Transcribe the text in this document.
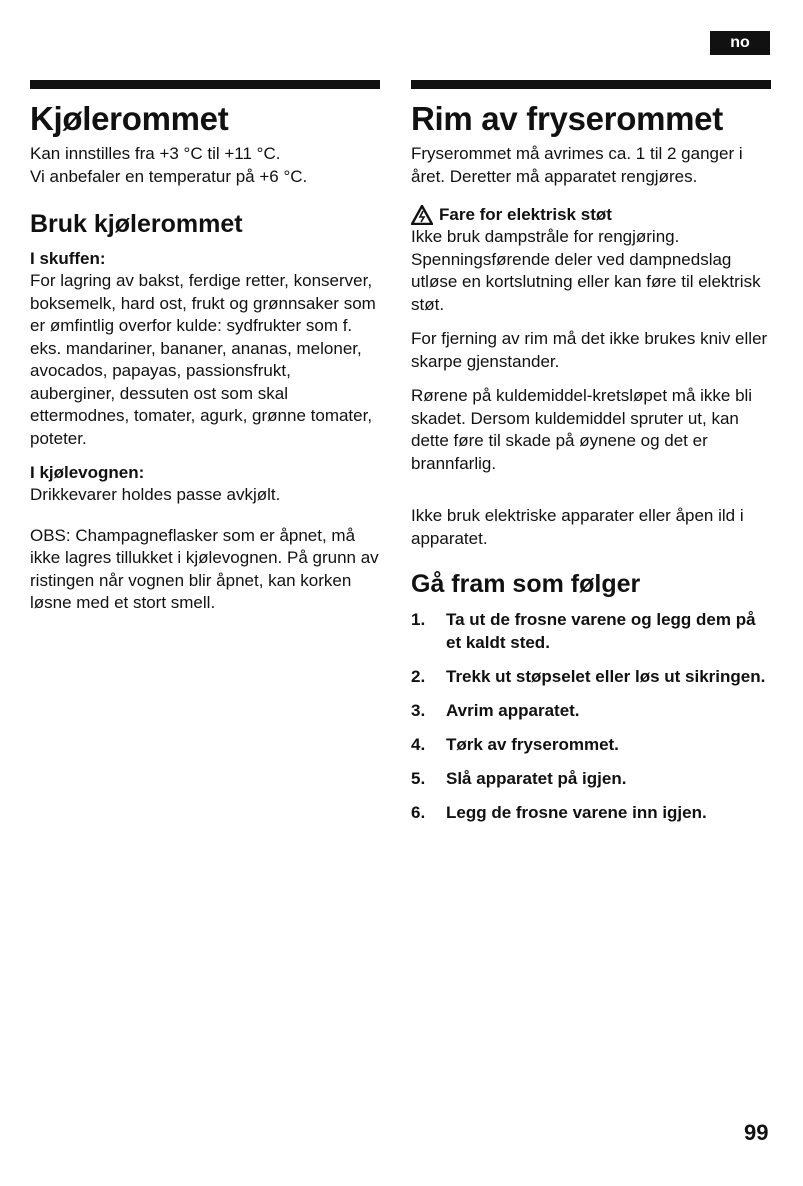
no
Kjølerommet

Kan innstilles fra +3 °C til +11 °C.

Vi anbefaler en temperatur på +6 °C.

Bruk kjølerommet
I skuffen:

For lagring av bakst, ferdige retter, konserver, boksemelk, hard ost, frukt og grønnsaker som er ømfintlig overfor kulde: sydfrukter som f. eks. mandariner, bananer, ananas, meloner, avocados, papayas, passionsfrukt, auberginer, dessuten ost som skal ettermodnes, tomater, agurk, grønne tomater, poteter.

I kjølevognen:

Drikkevarer holdes passe avkjølt.

OBS: Champagneflasker som er åpnet, må ikke lagres tillukket i kjølevognen. På grunn av ristingen når vognen blir åpnet, kan korken løsne med et stort smell.

Rim av fryserommet

Fryserommet må avrimes ca. 1 til 2 ganger i året. Deretter må apparatet rengjøres.

Fare for elektrisk støt

Ikke bruk dampstråle for rengjøring. Spenningsførende deler ved dampnedslag utløse en kortslutning eller kan føre til elektrisk støt.

For fjerning av rim må det ikke brukes kniv eller skarpe gjenstander.

Rørene på kuldemiddel-kretsløpet må ikke bli skadet. Dersom kuldemiddel spruter ut, kan dette føre til skade på øynene og det er brannfarlig.

Ikke bruk elektriske apparater eller åpen ild i apparatet.

Gå fram som følger
1.	Ta ut de frosne varene og legg dem på et kaldt sted.
2.	Trekk ut støpselet eller løs ut sikringen.
3.	Avrim apparatet.
4.	Tørk av fryserommet.
5.	Slå apparatet på igjen.
6.	Legg de frosne varene inn igjen.
99
